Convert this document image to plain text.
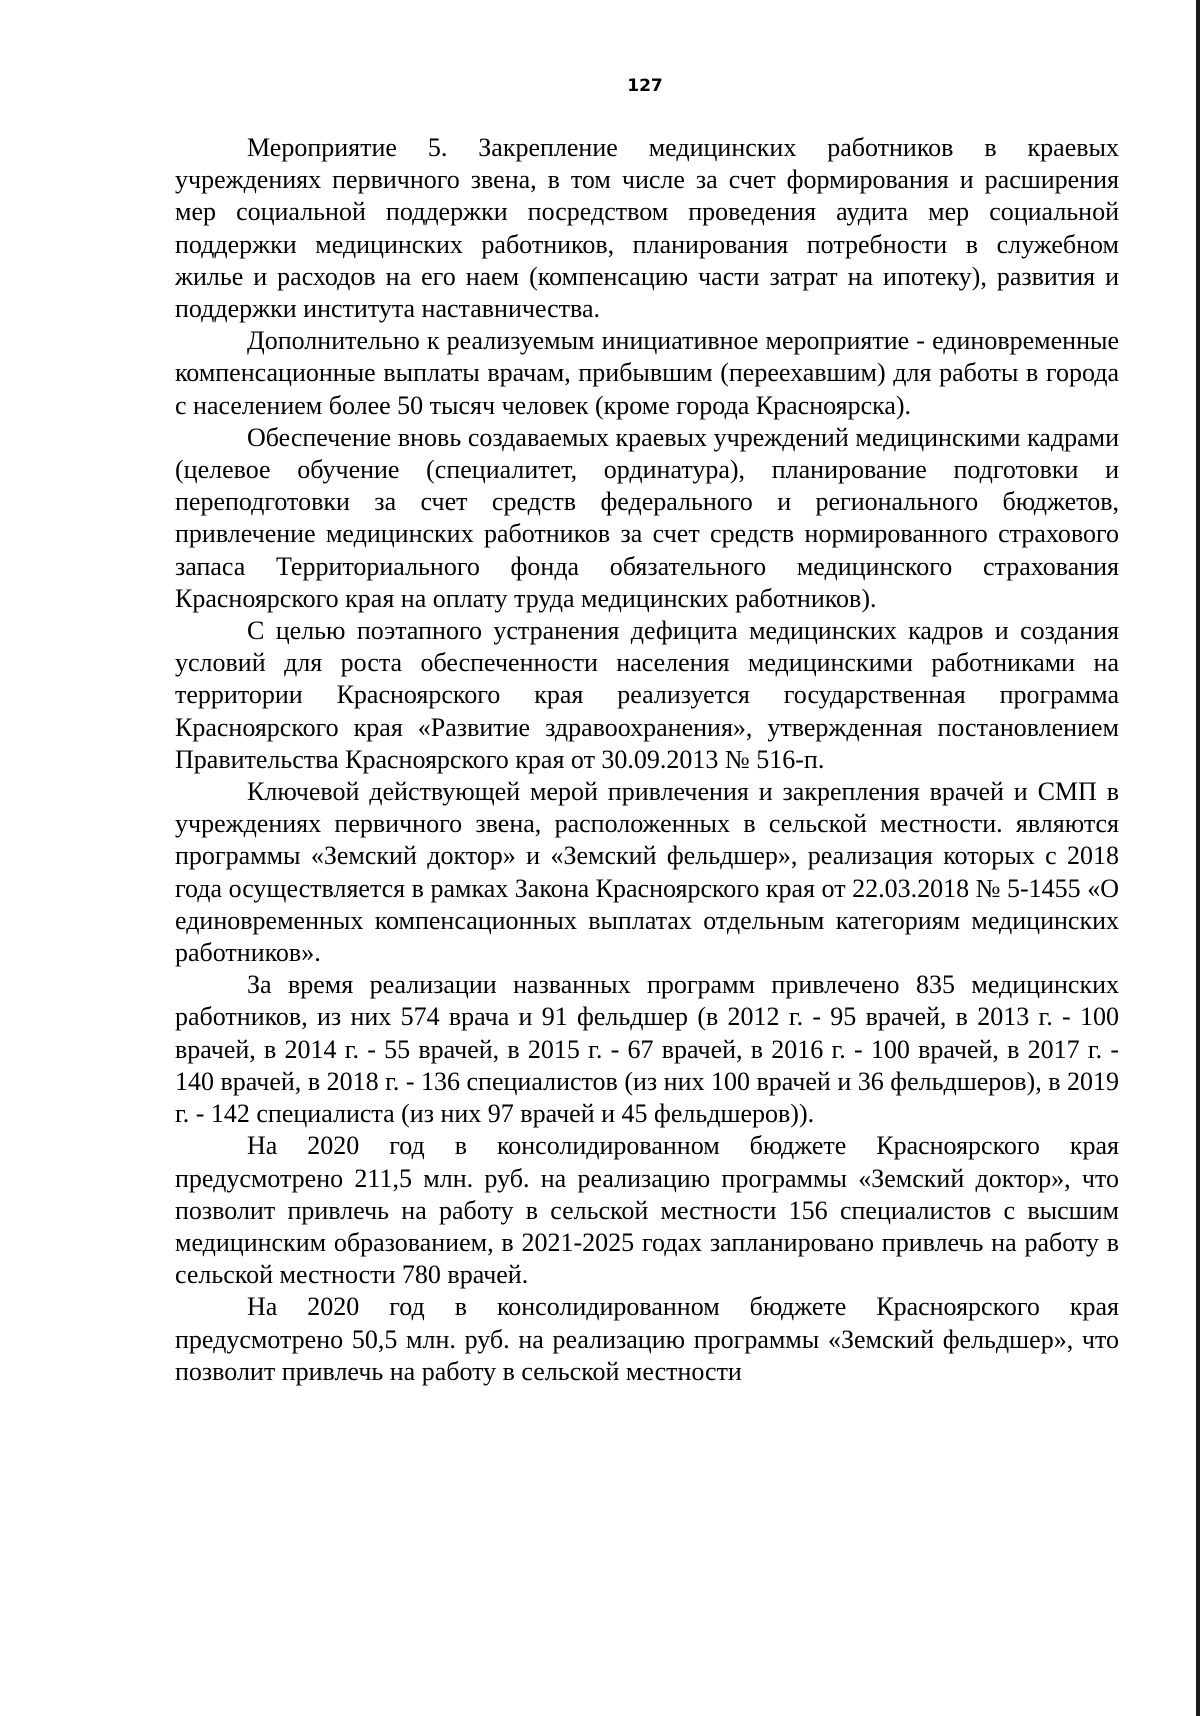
127

Мероприятие 5. Закрепление медицинских работников в краевых учреждениях первичного звена, в том числе за счет формирования и расширения мер социальной поддержки посредством проведения аудита мер социальной поддержки медицинских работников, планирования потребности в служебном жилье и расходов на его наем (компенсацию части затрат на ипотеку), развития и поддержки института наставничества.

Дополнительно к реализуемым инициативное мероприятие - единовременные компенсационные выплаты врачам, прибывшим (переехавшим) для работы в города с населением более 50 тысяч человек (кроме города Красноярска).

Обеспечение вновь создаваемых краевых учреждений медицинскими кадрами (целевое обучение (специалитет, ординатура), планирование подготовки и переподготовки за счет средств федерального и регионального бюджетов, привлечение медицинских работников за счет средств нормированного страхового запаса Территориального фонда обязательного медицинского страхования Красноярского края на оплату труда медицинских работников).

С целью поэтапного устранения дефицита медицинских кадров и создания условий для роста обеспеченности населения медицинскими работниками на территории Красноярского края реализуется государственная программа Красноярского края «Развитие здравоохранения», утвержденная постановлением Правительства Красноярского края от 30.09.2013 № 516-п.

Ключевой действующей мерой привлечения и закрепления врачей и СМП в учреждениях первичного звена, расположенных в сельской местности. являются программы «Земский доктор» и «Земский фельдшер», реализация которых с 2018 года осуществляется в рамках Закона Красноярского края от 22.03.2018 № 5-1455 «О единовременных компенсационных выплатах отдельным категориям медицинских работников».

За время реализации названных программ привлечено 835 медицинских работников, из них 574 врача и 91 фельдшер (в 2012 г. - 95 врачей, в 2013 г. - 100 врачей, в 2014 г. - 55 врачей, в 2015 г. - 67 врачей, в 2016 г. - 100 врачей, в 2017 г. - 140 врачей, в 2018 г. - 136 специалистов (из них 100 врачей и 36 фельдшеров), в 2019 г. - 142 специалиста (из них 97 врачей и 45 фельдшеров)).

На 2020 год в консолидированном бюджете Красноярского края предусмотрено 211,5 млн. руб. на реализацию программы «Земский доктор», что позволит привлечь на работу в сельской местности 156 специалистов с высшим медицинским образованием, в 2021-2025 годах запланировано привлечь на работу в сельской местности 780 врачей.

На 2020 год в консолидированном бюджете Красноярского края предусмотрено 50,5 млн. руб. на реализацию программы «Земский фельдшер», что позволит привлечь на работу в сельской местности
